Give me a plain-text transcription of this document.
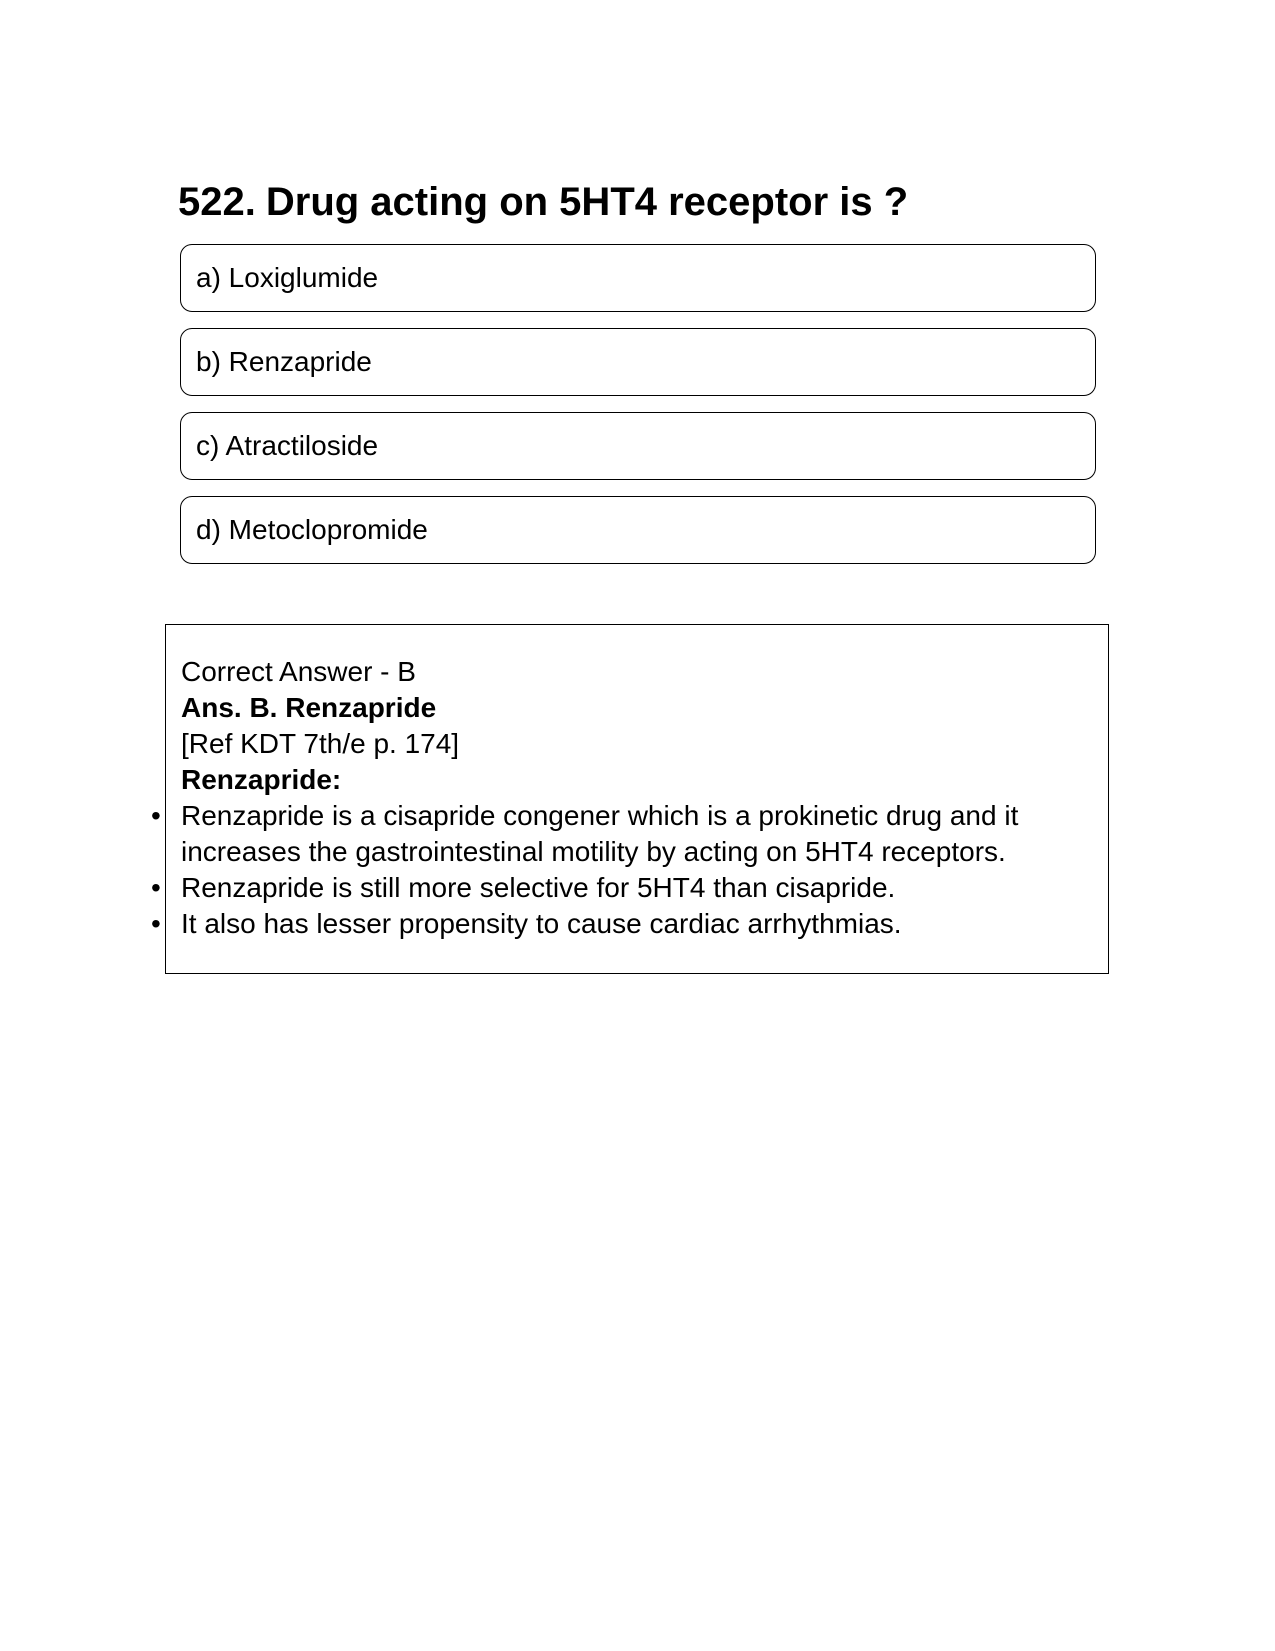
522. Drug acting on 5HT4 receptor is ?
a) Loxiglumide
b) Renzapride
c) Atractiloside
d) Metoclopromide
Correct Answer - B
Ans. B. Renzapride
[Ref KDT 7th/e p. 174]
Renzapride:
• Renzapride is a cisapride congener which is a prokinetic drug and it
increases the gastrointestinal motility by acting on 5HT4 receptors.
• Renzapride is still more selective for 5HT4 than cisapride.
• It also has lesser propensity to cause cardiac arrhythmias.
